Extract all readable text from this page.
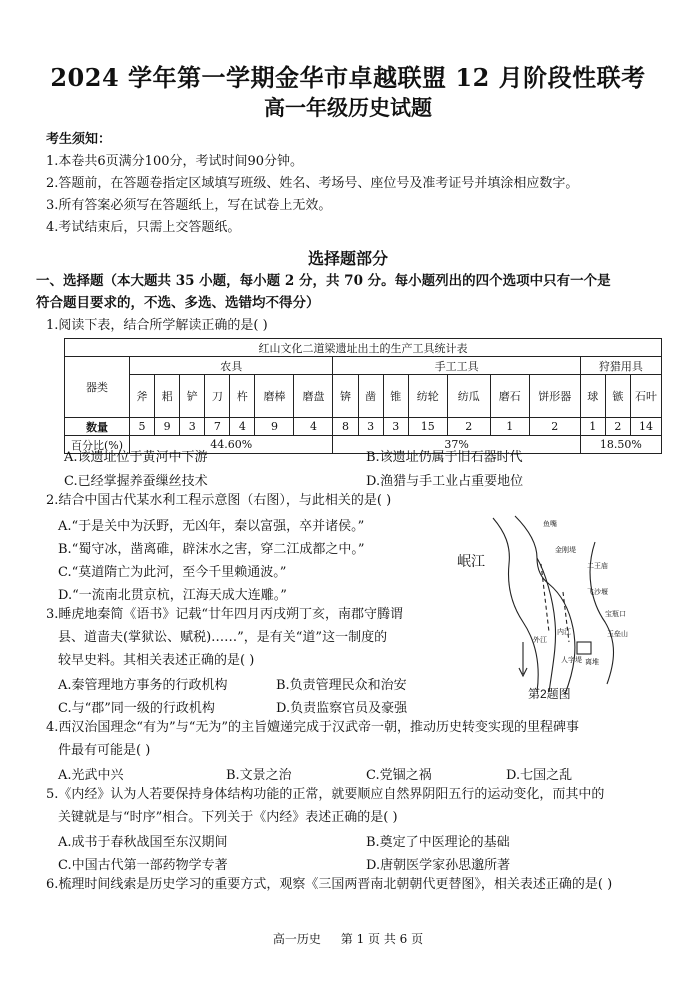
2024 学年第一学期金华市卓越联盟 12 月阶段性联考
高一年级历史试题
考生须知：
1.本卷共6页满分100分，考试时间90分钟。
2.答题前，在答题卷指定区域填写班级、姓名、考场号、座位号及准考证号并填涂相应数字。
3.所有答案必须写在答题纸上，写在试卷上无效。
4.考试结束后，只需上交答题纸。
选择题部分
一、选择题（本大题共 35 小题，每小题 2 分，共 70 分。每小题列出的四个选项中只有一个是
符合题目要求的，不选、多选、选错均不得分）
1.阅读下表，结合所学解读正确的是( )
红山文化二道梁遗址出土的生产工具统计表																	
器类	农具							手工工具							狩猎用具		
	斧	耜	铲	刀	杵	磨棒	磨盘	锛	凿	锥	纺轮	纺瓜	磨石	饼形器	球	镞	石叶
数量	5	9	3	7	4	9	4	8	3	3	15	2	1	2	1	2	14
百分比(%)	44.60%							37%							18.50%		
A.该遗址位于黄河中下游	B.该遗址仍属于旧石器时代
C.已经掌握养蚕缫丝技术	D.渔猎与手工业占重要地位
2.结合中国古代某水利工程示意图（右图），与此相关的是( )
A.“于是关中为沃野，无凶年，秦以富强，卒并诸侯。”
B.“蜀守冰，凿离碓，辟沫水之害，穿二江成都之中。”
C.“莫道隋亡为此河，至今千里赖通波。”
D.“一流南北贯京杭，江海天成大连雕。”
鱼嘴
金刚堤
二王庙
飞沙堰
宝瓶口
玉垒山
内江
外江
人字堤 离堆
岷江
第2题图
3.睡虎地秦简《语书》记载“廿年四月丙戌朔丁亥，南郡守腾谓
县、道啬夫(掌狱讼、赋税)……”，是有关“道”这一制度的
较早史料。其相关表述正确的是( )
A.秦管理地方事务的行政机构	B.负责管理民众和治安
C.与“郡”同一级的行政机构	D.负责监察官员及豪强
4.西汉治国理念“有为”与“无为”的主旨嬗递完成于汉武帝一朝，推动历史转变实现的里程碑事
件最有可能是( )
A.光武中兴	B.文景之治	C.党锢之祸	D.七国之乱
5.《内经》认为人若要保持身体结构功能的正常，就要顺应自然界阴阳五行的运动变化，而其中的
关键就是与“时序”相合。下列关于《内经》表述正确的是( )
A.成书于春秋战国至东汉期间	B.奠定了中医理论的基础
C.中国古代第一部药物学专著	D.唐朝医学家孙思邈所著
6.梳理时间线索是历史学习的重要方式，观察《三国两晋南北朝朝代更替图》，相关表述正确的是( )
高一历史 第 1 页 共 6 页
